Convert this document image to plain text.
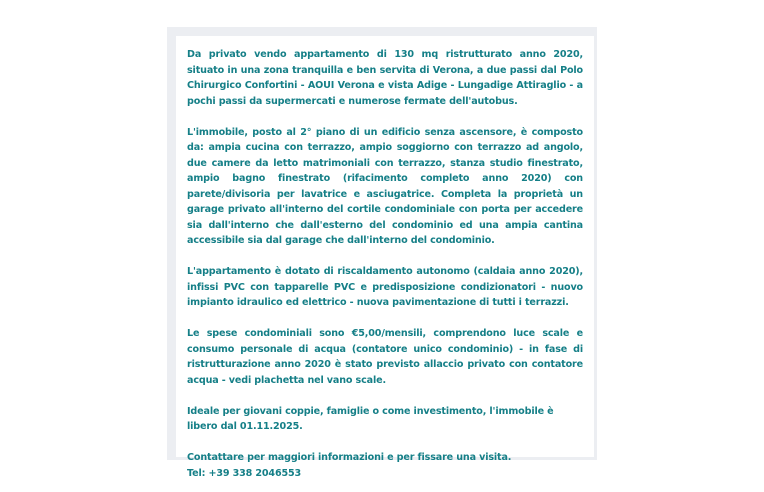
Da privato vendo appartamento di 130 mq ristrutturato anno 2020, situato in una zona tranquilla e ben servita di Verona, a due passi dal Polo Chirurgico Confortini - AOUI Verona e vista Adige - Lungadige Attiraglio - a pochi passi da supermercati e numerose fermate dell'autobus.

L'immobile, posto al 2° piano di un edificio senza ascensore, è composto da: ampia cucina con terrazzo, ampio soggiorno con terrazzo ad angolo, due camere da letto matrimoniali con terrazzo, stanza studio finestrato, ampio bagno finestrato (rifacimento completo anno 2020) con parete/divisoria per lavatrice e asciugatrice. Completa la proprietà un garage privato all'interno del cortile condominiale con porta per accedere sia dall'interno che dall'esterno del condominio ed una ampia cantina accessibile sia dal garage che dall'interno del condominio.

L'appartamento è dotato di riscaldamento autonomo (caldaia anno 2020), infissi PVC con tapparelle PVC e predisposizione condizionatori - nuovo impianto idraulico ed elettrico - nuova pavimentazione di tutti i terrazzi.

Le spese condominiali sono €5,00/mensili, comprendono luce scale e consumo personale di acqua (contatore unico condominio) - in fase di ristrutturazione anno 2020 è stato previsto allaccio privato con contatore acqua - vedi plachetta nel vano scale.

Ideale per giovani coppie, famiglie o come investimento, l'immobile è libero dal 01.11.2025.

Contattare per maggiori informazioni e per fissare una visita.
Tel: +39 338 2046553
